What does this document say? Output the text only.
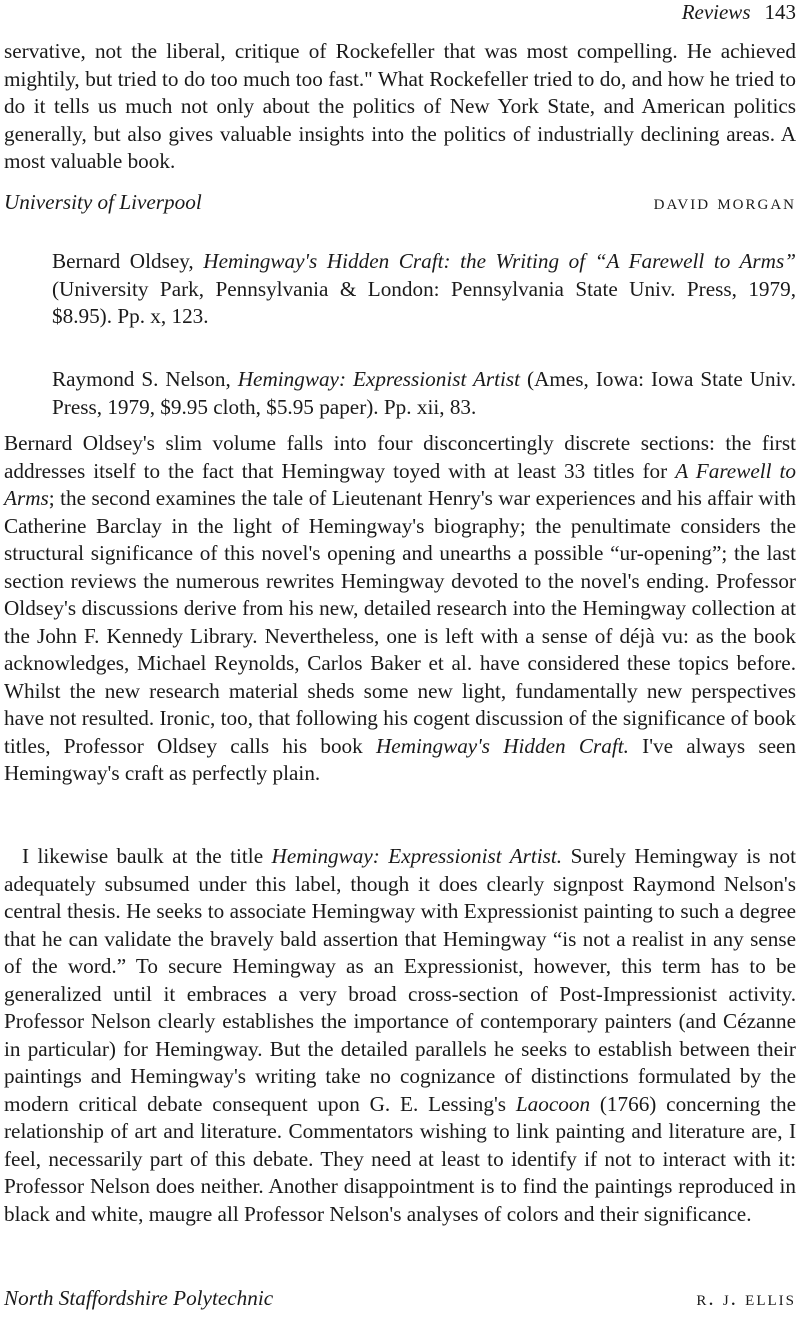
Reviews 143

servative, not the liberal, critique of Rockefeller that was most compelling. He achieved mightily, but tried to do too much too fast." What Rockefeller tried to do, and how he tried to do it tells us much not only about the politics of New York State, and American politics generally, but also gives valuable insights into the politics of industrially declining areas. A most valuable book.

University of Liverpool	david morgan

Bernard Oldsey, Hemingway's Hidden Craft: the Writing of “A Farewell to Arms” (University Park, Pennsylvania & London: Pennsylvania State Univ. Press, 1979, $8.95). Pp. x, 123.

Raymond S. Nelson, Hemingway: Expressionist Artist (Ames, Iowa: Iowa State Univ. Press, 1979, $9.95 cloth, $5.95 paper). Pp. xii, 83.

Bernard Oldsey's slim volume falls into four disconcertingly discrete sections: the first addresses itself to the fact that Hemingway toyed with at least 33 titles for A Farewell to Arms; the second examines the tale of Lieutenant Henry's war experiences and his affair with Catherine Barclay in the light of Hemingway's biography; the penultimate considers the structural significance of this novel's opening and unearths a possible “ur-opening”; the last section reviews the numerous rewrites Hemingway devoted to the novel's ending. Professor Oldsey's discussions derive from his new, detailed research into the Hemingway collection at the John F. Kennedy Library. Nevertheless, one is left with a sense of déjà vu: as the book acknowledges, Michael Reynolds, Carlos Baker et al. have considered these topics before. Whilst the new research material sheds some new light, fundamentally new perspectives have not resulted. Ironic, too, that following his cogent discussion of the significance of book titles, Professor Oldsey calls his book Hemingway's Hidden Craft. I've always seen Hemingway's craft as perfectly plain.

I likewise baulk at the title Hemingway: Expressionist Artist. Surely Hemingway is not adequately subsumed under this label, though it does clearly signpost Raymond Nelson's central thesis. He seeks to associate Hemingway with Expressionist painting to such a degree that he can validate the bravely bald assertion that Hemingway “is not a realist in any sense of the word.” To secure Hemingway as an Expressionist, however, this term has to be generalized until it embraces a very broad cross-section of Post-Impressionist activity. Professor Nelson clearly establishes the importance of contemporary painters (and Cézanne in particular) for Hemingway. But the detailed parallels he seeks to establish between their paintings and Hemingway's writing take no cognizance of distinctions formulated by the modern critical debate consequent upon G. E. Lessing's Laocoon (1766) concerning the relationship of art and literature. Commentators wishing to link painting and literature are, I feel, necessarily part of this debate. They need at least to identify if not to interact with it: Professor Nelson does neither. Another disappointment is to find the paintings reproduced in black and white, maugre all Professor Nelson's analyses of colors and their significance.

North Staffordshire Polytechnic	r. j. ellis
